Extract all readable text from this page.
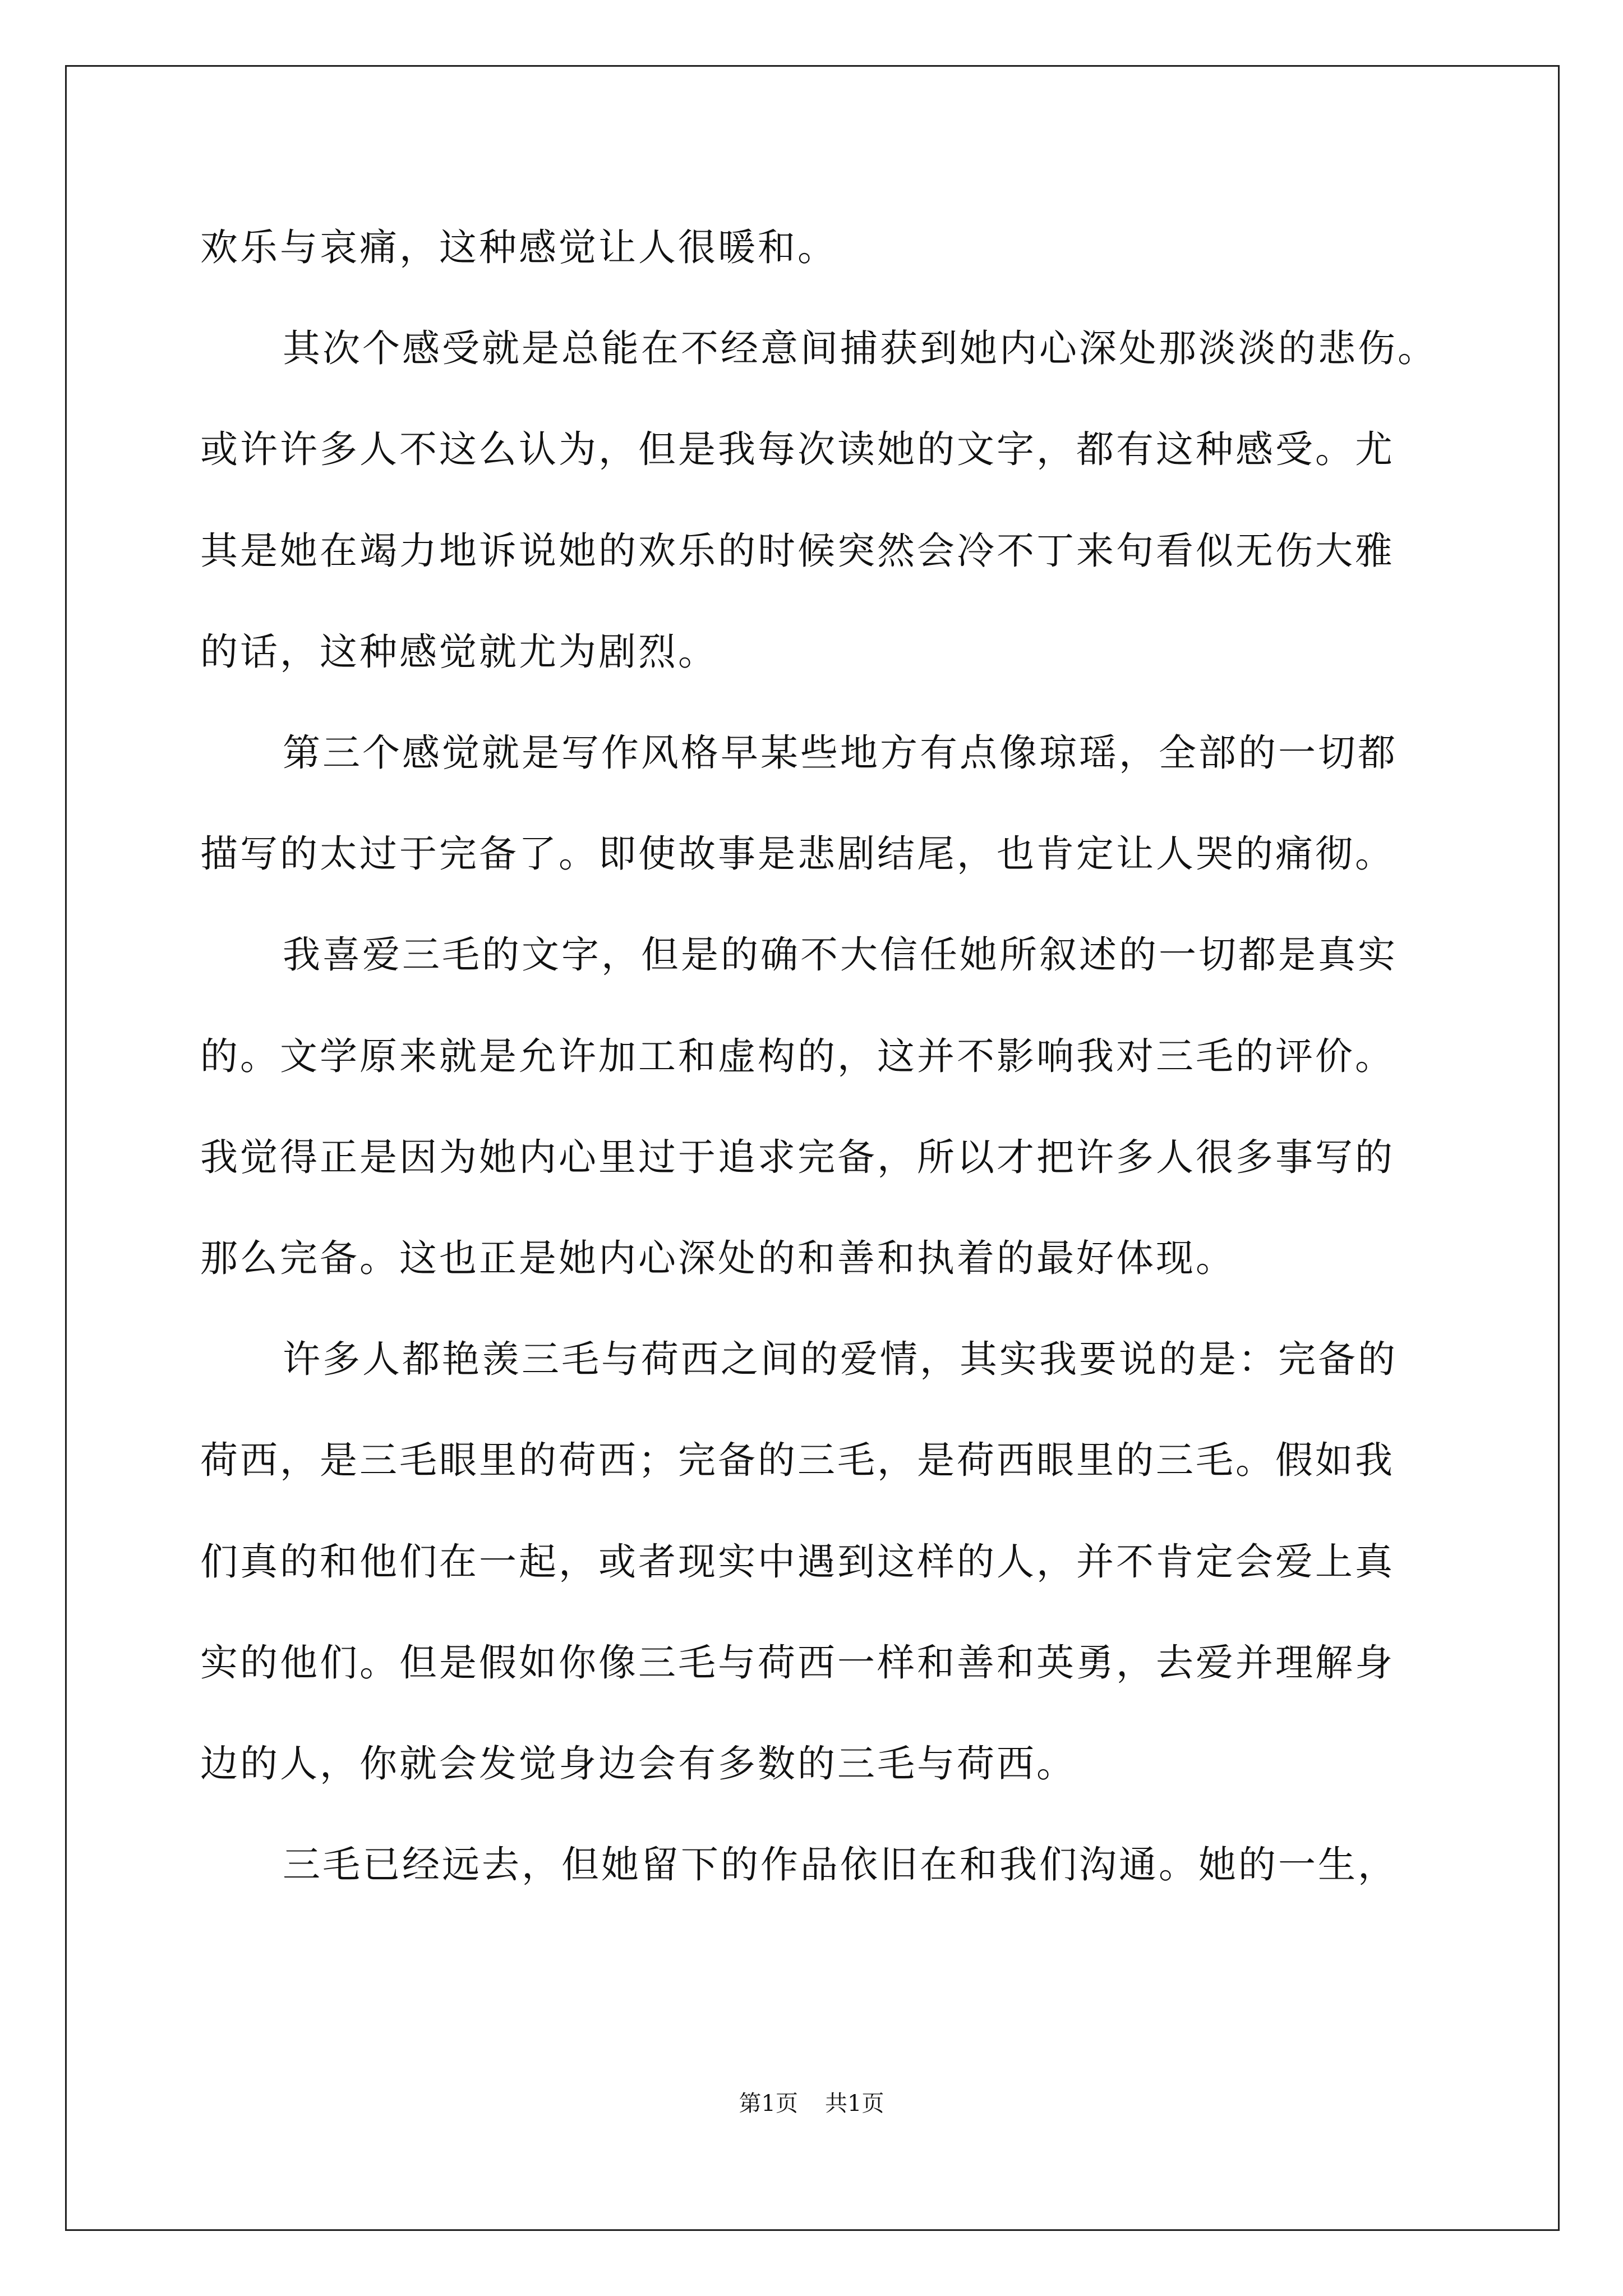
欢乐与哀痛，这种感觉让人很暖和。
其次个感受就是总能在不经意间捕获到她内心深处那淡淡的悲伤。
或许许多人不这么认为，但是我每次读她的文字，都有这种感受。尤
其是她在竭力地诉说她的欢乐的时候突然会冷不丁来句看似无伤大雅
的话，这种感觉就尤为剧烈。
第三个感觉就是写作风格早某些地方有点像琼瑶，全部的一切都
描写的太过于完备了。即使故事是悲剧结尾，也肯定让人哭的痛彻。
我喜爱三毛的文字，但是的确不大信任她所叙述的一切都是真实
的。文学原来就是允许加工和虚构的，这并不影响我对三毛的评价。
我觉得正是因为她内心里过于追求完备，所以才把许多人很多事写的
那么完备。这也正是她内心深处的和善和执着的最好体现。
许多人都艳羡三毛与荷西之间的爱情，其实我要说的是：完备的
荷西，是三毛眼里的荷西；完备的三毛，是荷西眼里的三毛。假如我
们真的和他们在一起，或者现实中遇到这样的人，并不肯定会爱上真
实的他们。但是假如你像三毛与荷西一样和善和英勇，去爱并理解身
边的人，你就会发觉身边会有多数的三毛与荷西。
三毛已经远去，但她留下的作品依旧在和我们沟通。她的一生，
第1页 共1页
